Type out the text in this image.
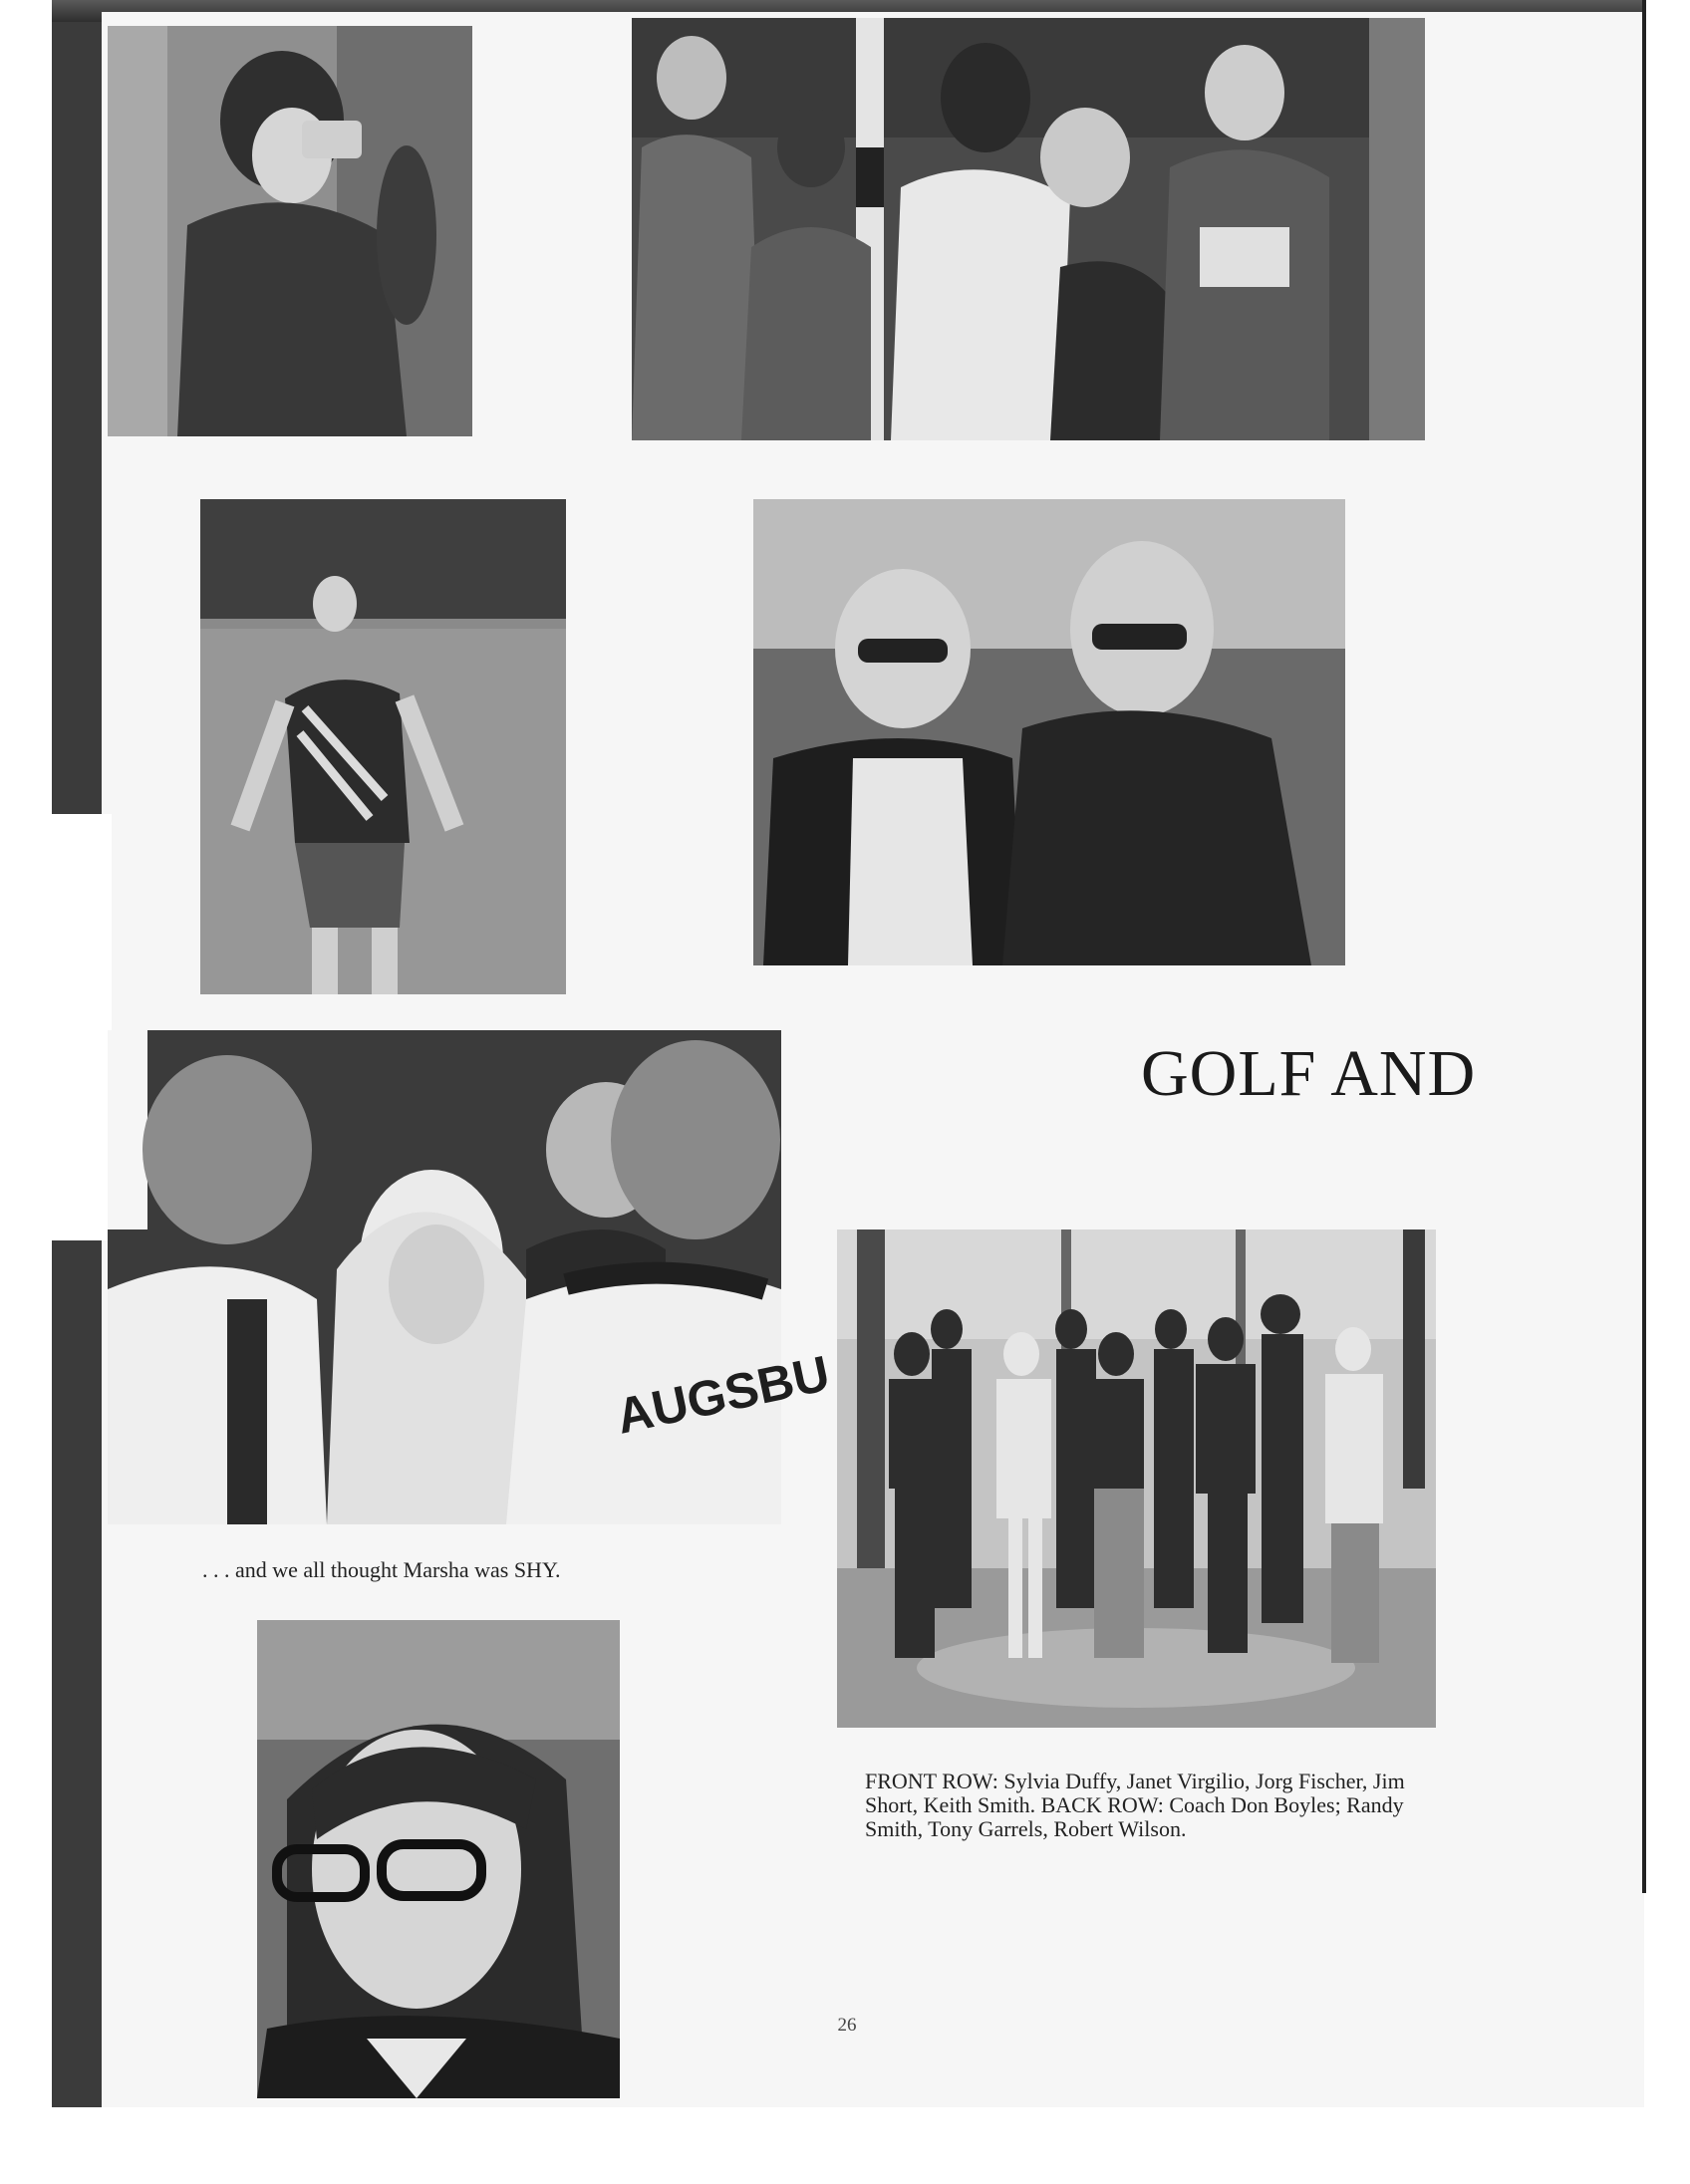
AUGSBU
GOLF AND
. . . and we all thought Marsha was SHY.
FRONT ROW: Sylvia Duffy, Janet Virgilio, Jorg Fischer, Jim Short, Keith Smith. BACK ROW: Coach Don Boyles; Randy Smith, Tony Garrels, Robert Wilson.
26
